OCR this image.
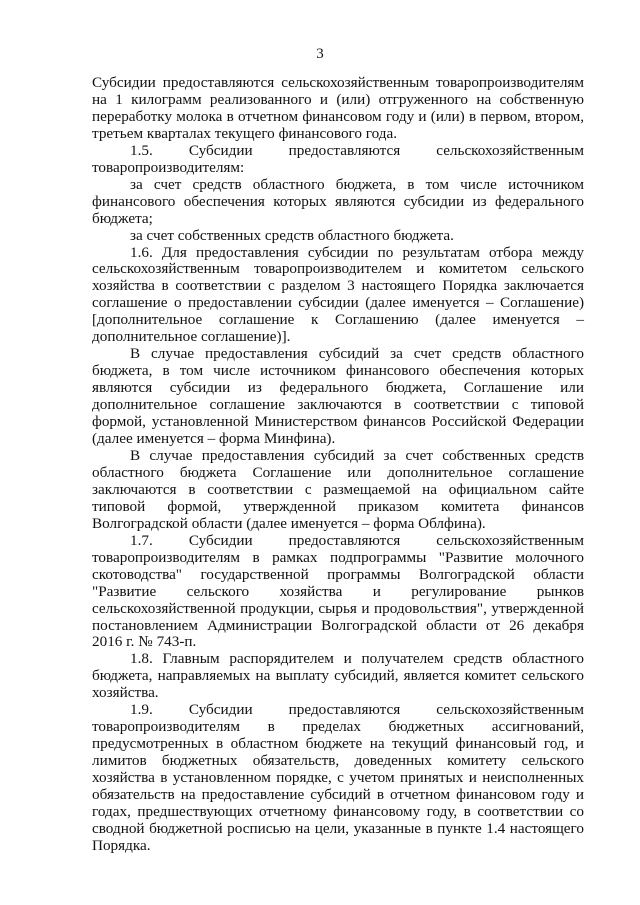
3

Субсидии предоставляются сельскохозяйственным товаропроизводителям на 1 килограмм реализованного и (или) отгруженного на собственную переработку молока в отчетном финансовом году и (или) в первом, втором, третьем кварталах текущего финансового года.

1.5. Субсидии предоставляются сельскохозяйственным товаропроизводителям:

за счет средств областного бюджета, в том числе источником финансового обеспечения которых являются субсидии из федерального бюджета;

за счет собственных средств областного бюджета.

1.6. Для предоставления субсидии по результатам отбора между сельскохозяйственным товаропроизводителем и комитетом сельского хозяйства в соответствии с разделом 3 настоящего Порядка заключается соглашение о предоставлении субсидии (далее именуется – Соглашение) [дополнительное соглашение к Соглашению (далее именуется – дополнительное соглашение)].

В случае предоставления субсидий за счет средств областного бюджета, в том числе источником финансового обеспечения которых являются субсидии из федерального бюджета, Соглашение или дополнительное соглашение заключаются в соответствии с типовой формой, установленной Министерством финансов Российской Федерации (далее именуется – форма Минфина).

В случае предоставления субсидий за счет собственных средств областного бюджета Соглашение или дополнительное соглашение заключаются в соответствии с размещаемой на официальном сайте типовой формой, утвержденной приказом комитета финансов Волгоградской области (далее именуется – форма Облфина).

1.7. Субсидии предоставляются сельскохозяйственным товаропроизводителям в рамках подпрограммы "Развитие молочного скотоводства" государственной программы Волгоградской области "Развитие сельского хозяйства и регулирование рынков сельскохозяйственной продукции, сырья и продовольствия", утвержденной постановлением Администрации Волгоградской области от 26 декабря 2016 г. № 743-п.

1.8. Главным распорядителем и получателем средств областного бюджета, направляемых на выплату субсидий, является комитет сельского хозяйства.

1.9. Субсидии предоставляются сельскохозяйственным товаропроизводителям в пределах бюджетных ассигнований, предусмотренных в областном бюджете на текущий финансовый год, и лимитов бюджетных обязательств, доведенных комитету сельского хозяйства в установленном порядке, с учетом принятых и неисполненных обязательств на предоставление субсидий в отчетном финансовом году и годах, предшествующих отчетному финансовому году, в соответствии со сводной бюджетной росписью на цели, указанные в пункте 1.4 настоящего Порядка.
